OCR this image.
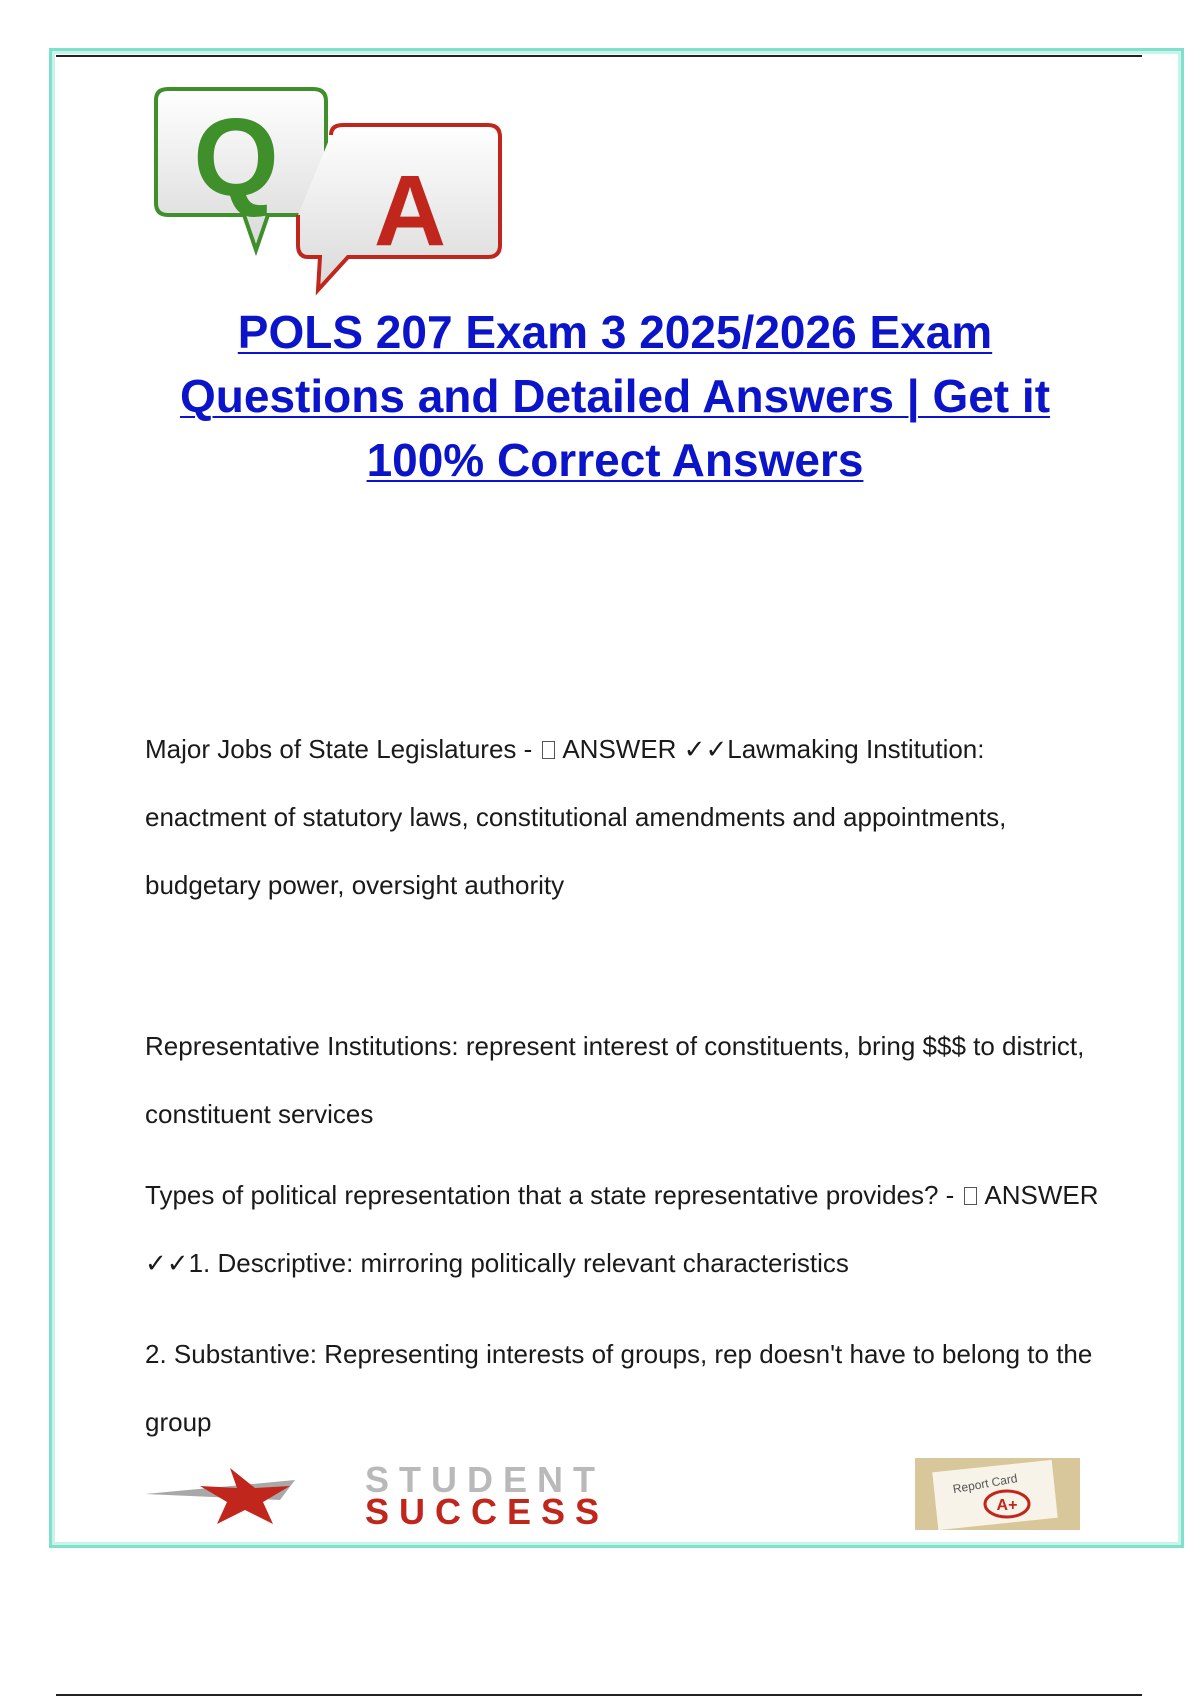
Q A
POLS 207 Exam 3 2025/2026 Exam Questions and Detailed Answers | Get it 100% Correct Answers

Major Jobs of State Legislatures -  ANSWER ✓✓Lawmaking Institution: enactment of statutory laws, constitutional amendments and appointments, budgetary power, oversight authority

Representative Institutions: represent interest of constituents, bring $$$ to district, constituent services

Types of political representation that a state representative provides? -  ANSWER ✓✓1. Descriptive: mirroring politically relevant characteristics

2. Substantive: Representing interests of groups, rep doesn't have to belong to the group

STUDENT
SUCCESS
Report Card
A+
